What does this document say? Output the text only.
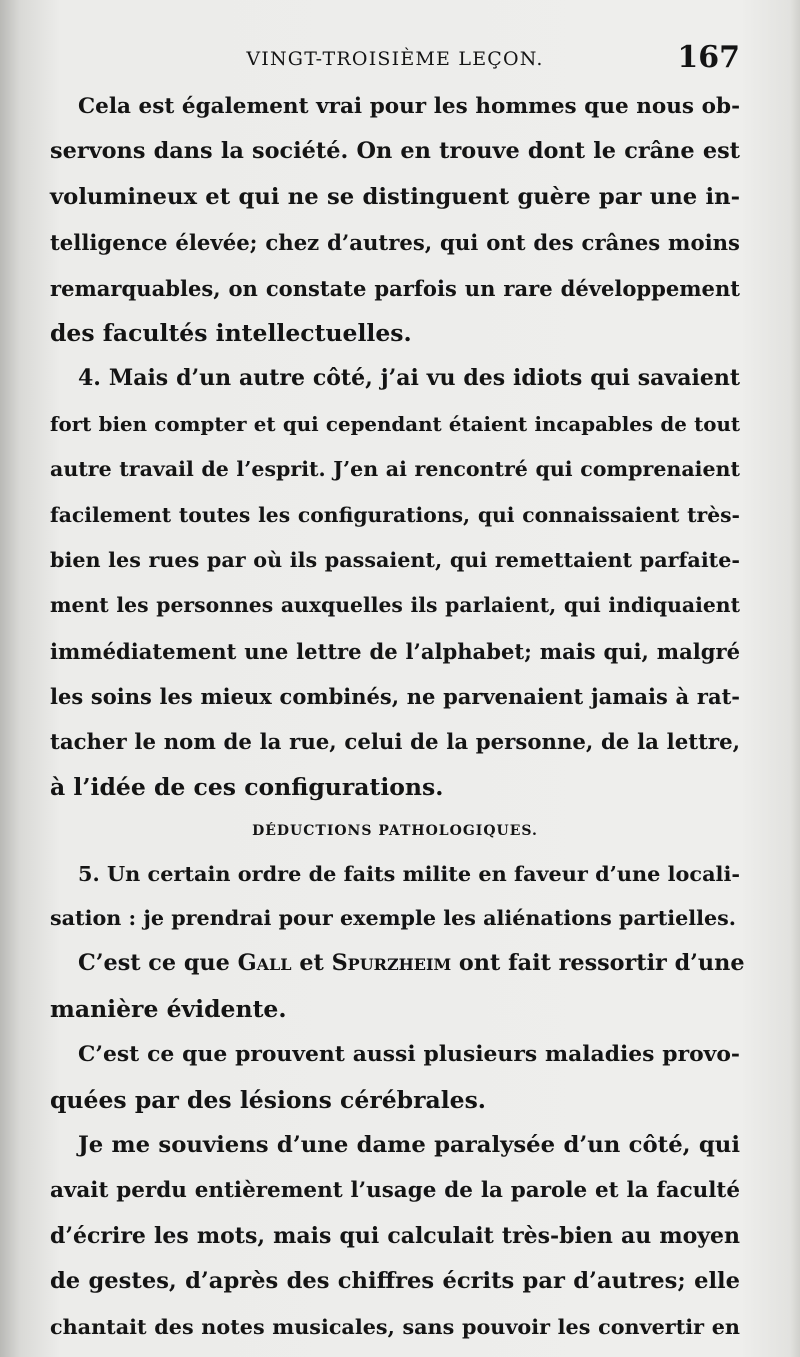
VINGT-TROISIÈME LEÇON.	167

Cela est également vrai pour les hommes que nous ob-
servons dans la société. On en trouve dont le crâne est
volumineux et qui ne se distinguent guère par une in-
telligence élevée; chez d’autres, qui ont des crânes moins
remarquables, on constate parfois un rare développement
des facultés intellectuelles.

4. Mais d’un autre côté, j’ai vu des idiots qui savaient
fort bien compter et qui cependant étaient incapables de tout
autre travail de l’esprit. J’en ai rencontré qui comprenaient
facilement toutes les configurations, qui connaissaient très-
bien les rues par où ils passaient, qui remettaient parfaite-
ment les personnes auxquelles ils parlaient, qui indiquaient
immédiatement une lettre de l’alphabet; mais qui, malgré
les soins les mieux combinés, ne parvenaient jamais à rat-
tacher le nom de la rue, celui de la personne, de la lettre,
à l’idée de ces configurations.

DÉDUCTIONS PATHOLOGIQUES.

5. Un certain ordre de faits milite en faveur d’une locali-
sation : je prendrai pour exemple les aliénations partielles.

C’est ce que Gall et Spurzheim ont fait ressortir d’une
manière évidente.

C’est ce que prouvent aussi plusieurs maladies provo-
quées par des lésions cérébrales.

Je me souviens d’une dame paralysée d’un côté, qui
avait perdu entièrement l’usage de la parole et la faculté
d’écrire les mots, mais qui calculait très-bien au moyen
de gestes, d’après des chiffres écrits par d’autres; elle
chantait des notes musicales, sans pouvoir les convertir en
